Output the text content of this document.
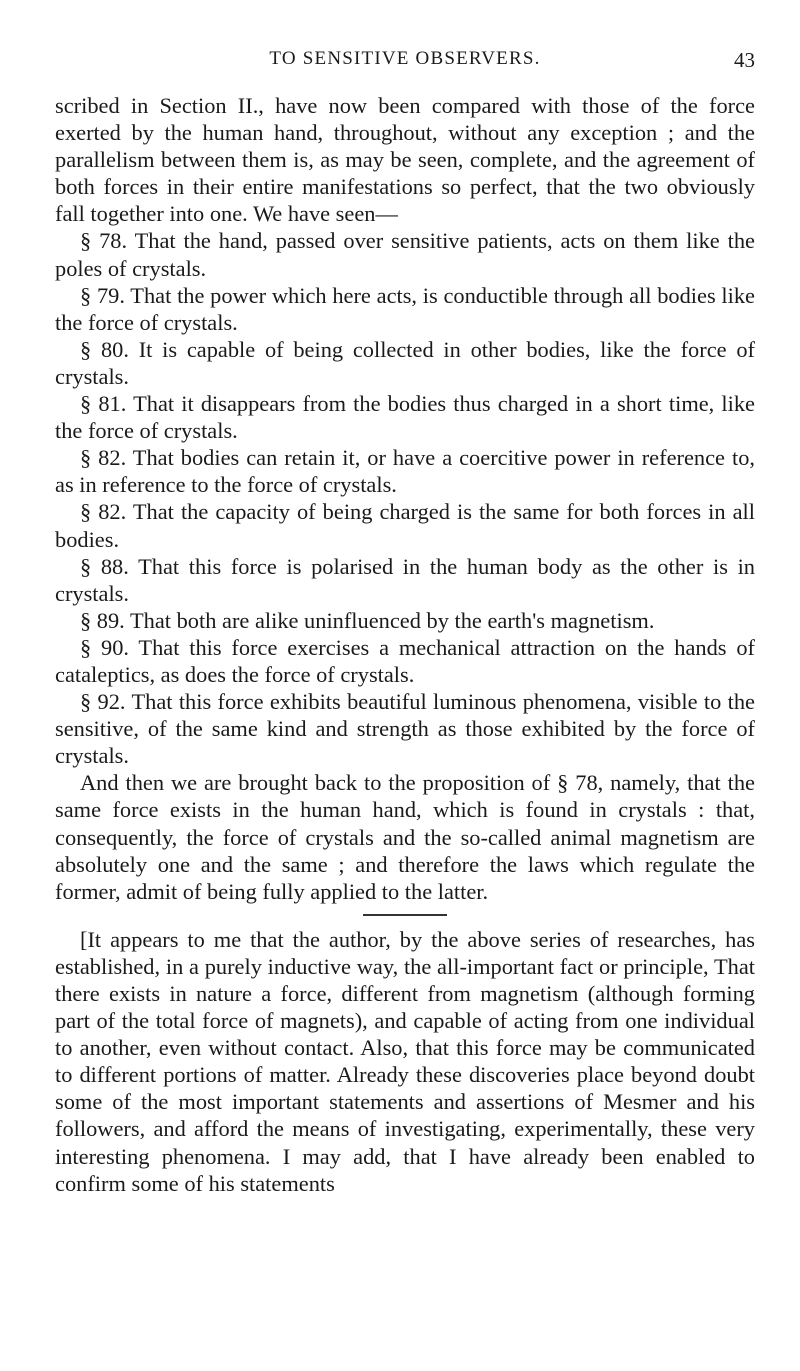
TO SENSITIVE OBSERVERS.	43

scribed in Section II., have now been compared with those of the force exerted by the human hand, throughout, without any exception ; and the parallelism between them is, as may be seen, complete, and the agreement of both forces in their entire manifestations so perfect, that the two obviously fall together into one. We have seen—

§ 78. That the hand, passed over sensitive patients, acts on them like the poles of crystals.

§ 79. That the power which here acts, is conductible through all bodies like the force of crystals.

§ 80. It is capable of being collected in other bodies, like the force of crystals.

§ 81. That it disappears from the bodies thus charged in a short time, like the force of crystals.

§ 82. That bodies can retain it, or have a coercitive power in reference to, as in reference to the force of crystals.

§ 82. That the capacity of being charged is the same for both forces in all bodies.

§ 88. That this force is polarised in the human body as the other is in crystals.

§ 89. That both are alike uninfluenced by the earth's magnetism.

§ 90. That this force exercises a mechanical attraction on the hands of cataleptics, as does the force of crystals.

§ 92. That this force exhibits beautiful luminous phenomena, visible to the sensitive, of the same kind and strength as those exhibited by the force of crystals.

And then we are brought back to the proposition of § 78, namely, that the same force exists in the human hand, which is found in crystals : that, consequently, the force of crystals and the so-called animal magnetism are absolutely one and the same ; and therefore the laws which regulate the former, admit of being fully applied to the latter.

[It appears to me that the author, by the above series of researches, has established, in a purely inductive way, the all-important fact or principle, That there exists in nature a force, different from magnetism (although forming part of the total force of magnets), and capable of acting from one individual to another, even without contact. Also, that this force may be communicated to different portions of matter. Already these discoveries place beyond doubt some of the most important statements and assertions of Mesmer and his followers, and afford the means of investigating, experimentally, these very interesting phenomena. I may add, that I have already been enabled to confirm some of his statements
